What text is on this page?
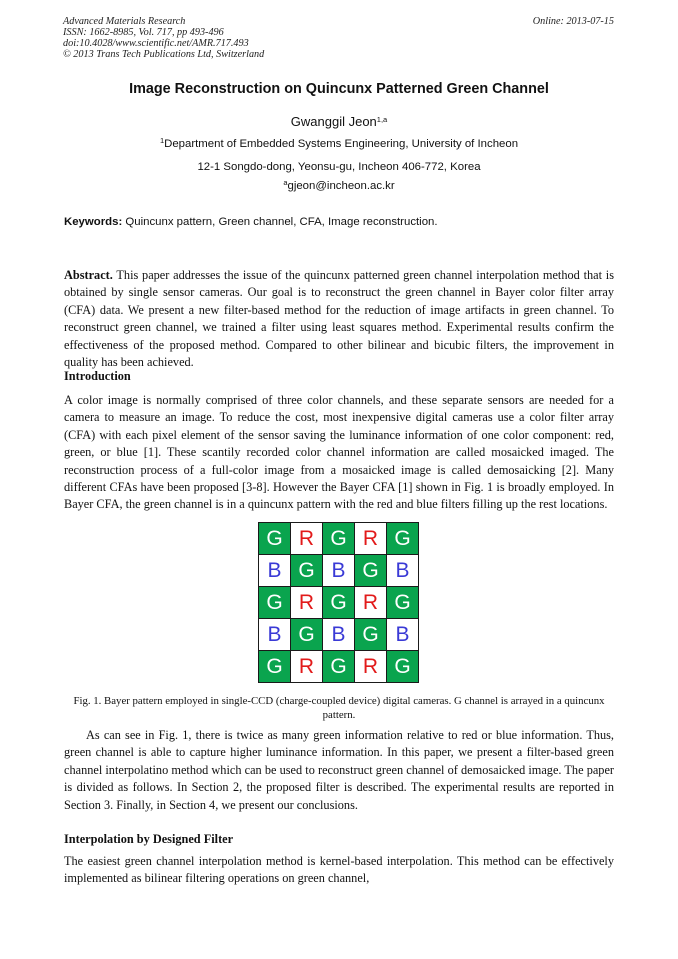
Advanced Materials Research
ISSN: 1662-8985, Vol. 717, pp 493-496
doi:10.4028/www.scientific.net/AMR.717.493
© 2013 Trans Tech Publications Ltd, Switzerland
Online: 2013-07-15
Image Reconstruction on Quincunx Patterned Green Channel
Gwanggil Jeon$^{1,a}$
$^1$Department of Embedded Systems Engineering, University of Incheon
12-1 Songdo-dong, Yeonsu-gu, Incheon 406-772, Korea
$^a$gjeon@incheon.ac.kr
Keywords: Quincunx pattern, Green channel, CFA, Image reconstruction.
Abstract. This paper addresses the issue of the quincunx patterned green channel interpolation method that is obtained by single sensor cameras. Our goal is to reconstruct the green channel in Bayer color filter array (CFA) data. We present a new filter-based method for the reduction of image artifacts in green channel. To reconstruct green channel, we trained a filter using least squares method. Experimental results confirm the effectiveness of the proposed method. Compared to other bilinear and bicubic filters, the improvement in quality has been achieved.
Introduction
A color image is normally comprised of three color channels, and these separate sensors are needed for a camera to measure an image. To reduce the cost, most inexpensive digital cameras use a color filter array (CFA) with each pixel element of the sensor saving the luminance information of one color component: red, green, or blue [1]. These scantily recorded color channel information are called mosaicked imaged. The reconstruction process of a full-color image from a mosaicked image is called demosaicking [2]. Many different CFAs have been proposed [3-8]. However the Bayer CFA [1] shown in Fig. 1 is broadly employed. In Bayer CFA, the green channel is in a quincunx pattern with the red and blue filters filling up the rest locations.
G	R	G	R	G
B	G	B	G	B
G	R	G	R	G
B	G	B	G	B
G	R	G	R	G
Fig. 1. Bayer pattern employed in single-CCD (charge-coupled device) digital cameras. G channel is arrayed in a quincunx pattern.
As can see in Fig. 1, there is twice as many green information relative to red or blue information. Thus, green channel is able to capture higher luminance information. In this paper, we present a filter-based green channel interpolatino method which can be used to reconstruct green channel of demosaicked image. The paper is divided as follows. In Section 2, the proposed filter is described. The experimental results are reported in Section 3. Finally, in Section 4, we present our conclusions.
Interpolation by Designed Filter
The easiest green channel interpolation method is kernel-based interpolation. This method can be effectively implemented as bilinear filtering operations on green channel,
